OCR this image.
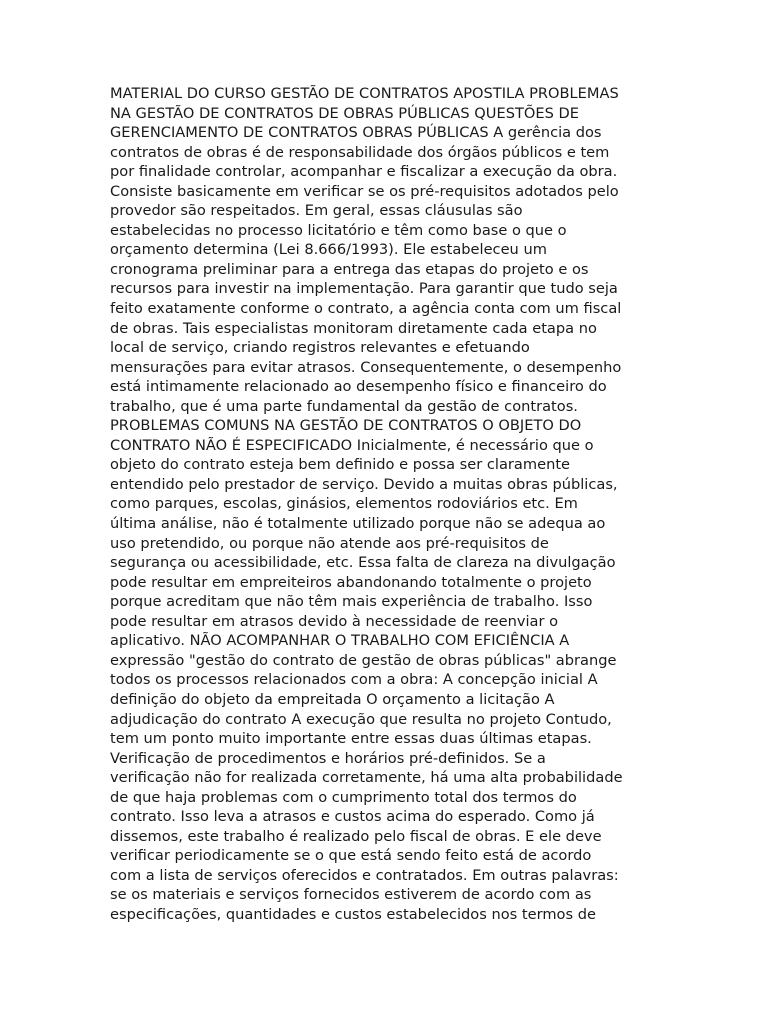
MATERIAL DO CURSO GESTÃO DE CONTRATOS APOSTILA PROBLEMAS
NA GESTÃO DE CONTRATOS DE OBRAS PÚBLICAS QUESTÕES DE
GERENCIAMENTO DE CONTRATOS OBRAS PÚBLICAS A gerência dos
contratos de obras é de responsabilidade dos órgãos públicos e tem
por finalidade controlar, acompanhar e fiscalizar a execução da obra.
Consiste basicamente em verificar se os pré-requisitos adotados pelo
provedor são respeitados. Em geral, essas cláusulas são
estabelecidas no processo licitatório e têm como base o que o
orçamento determina (Lei 8.666/1993). Ele estabeleceu um
cronograma preliminar para a entrega das etapas do projeto e os
recursos para investir na implementação. Para garantir que tudo seja
feito exatamente conforme o contrato, a agência conta com um fiscal
de obras. Tais especialistas monitoram diretamente cada etapa no
local de serviço, criando registros relevantes e efetuando
mensurações para evitar atrasos. Consequentemente, o desempenho
está intimamente relacionado ao desempenho físico e financeiro do
trabalho, que é uma parte fundamental da gestão de contratos.
PROBLEMAS COMUNS NA GESTÃO DE CONTRATOS O OBJETO DO
CONTRATO NÃO É ESPECIFICADO Inicialmente, é necessário que o
objeto do contrato esteja bem definido e possa ser claramente
entendido pelo prestador de serviço. Devido a muitas obras públicas,
como parques, escolas, ginásios, elementos rodoviários etc. Em
última análise, não é totalmente utilizado porque não se adequa ao
uso pretendido, ou porque não atende aos pré-requisitos de
segurança ou acessibilidade, etc. Essa falta de clareza na divulgação
pode resultar em empreiteiros abandonando totalmente o projeto
porque acreditam que não têm mais experiência de trabalho. Isso
pode resultar em atrasos devido à necessidade de reenviar o
aplicativo. NÃO ACOMPANHAR O TRABALHO COM EFICIÊNCIA A
expressão "gestão do contrato de gestão de obras públicas" abrange
todos os processos relacionados com a obra: A concepção inicial A
definição do objeto da empreitada O orçamento a licitação A
adjudicação do contrato A execução que resulta no projeto Contudo,
tem um ponto muito importante entre essas duas últimas etapas.
Verificação de procedimentos e horários pré-definidos. Se a
verificação não for realizada corretamente, há uma alta probabilidade
de que haja problemas com o cumprimento total dos termos do
contrato. Isso leva a atrasos e custos acima do esperado. Como já
dissemos, este trabalho é realizado pelo fiscal de obras. E ele deve
verificar periodicamente se o que está sendo feito está de acordo
com a lista de serviços oferecidos e contratados. Em outras palavras:
se os materiais e serviços fornecidos estiverem de acordo com as
especificações, quantidades e custos estabelecidos nos termos de
